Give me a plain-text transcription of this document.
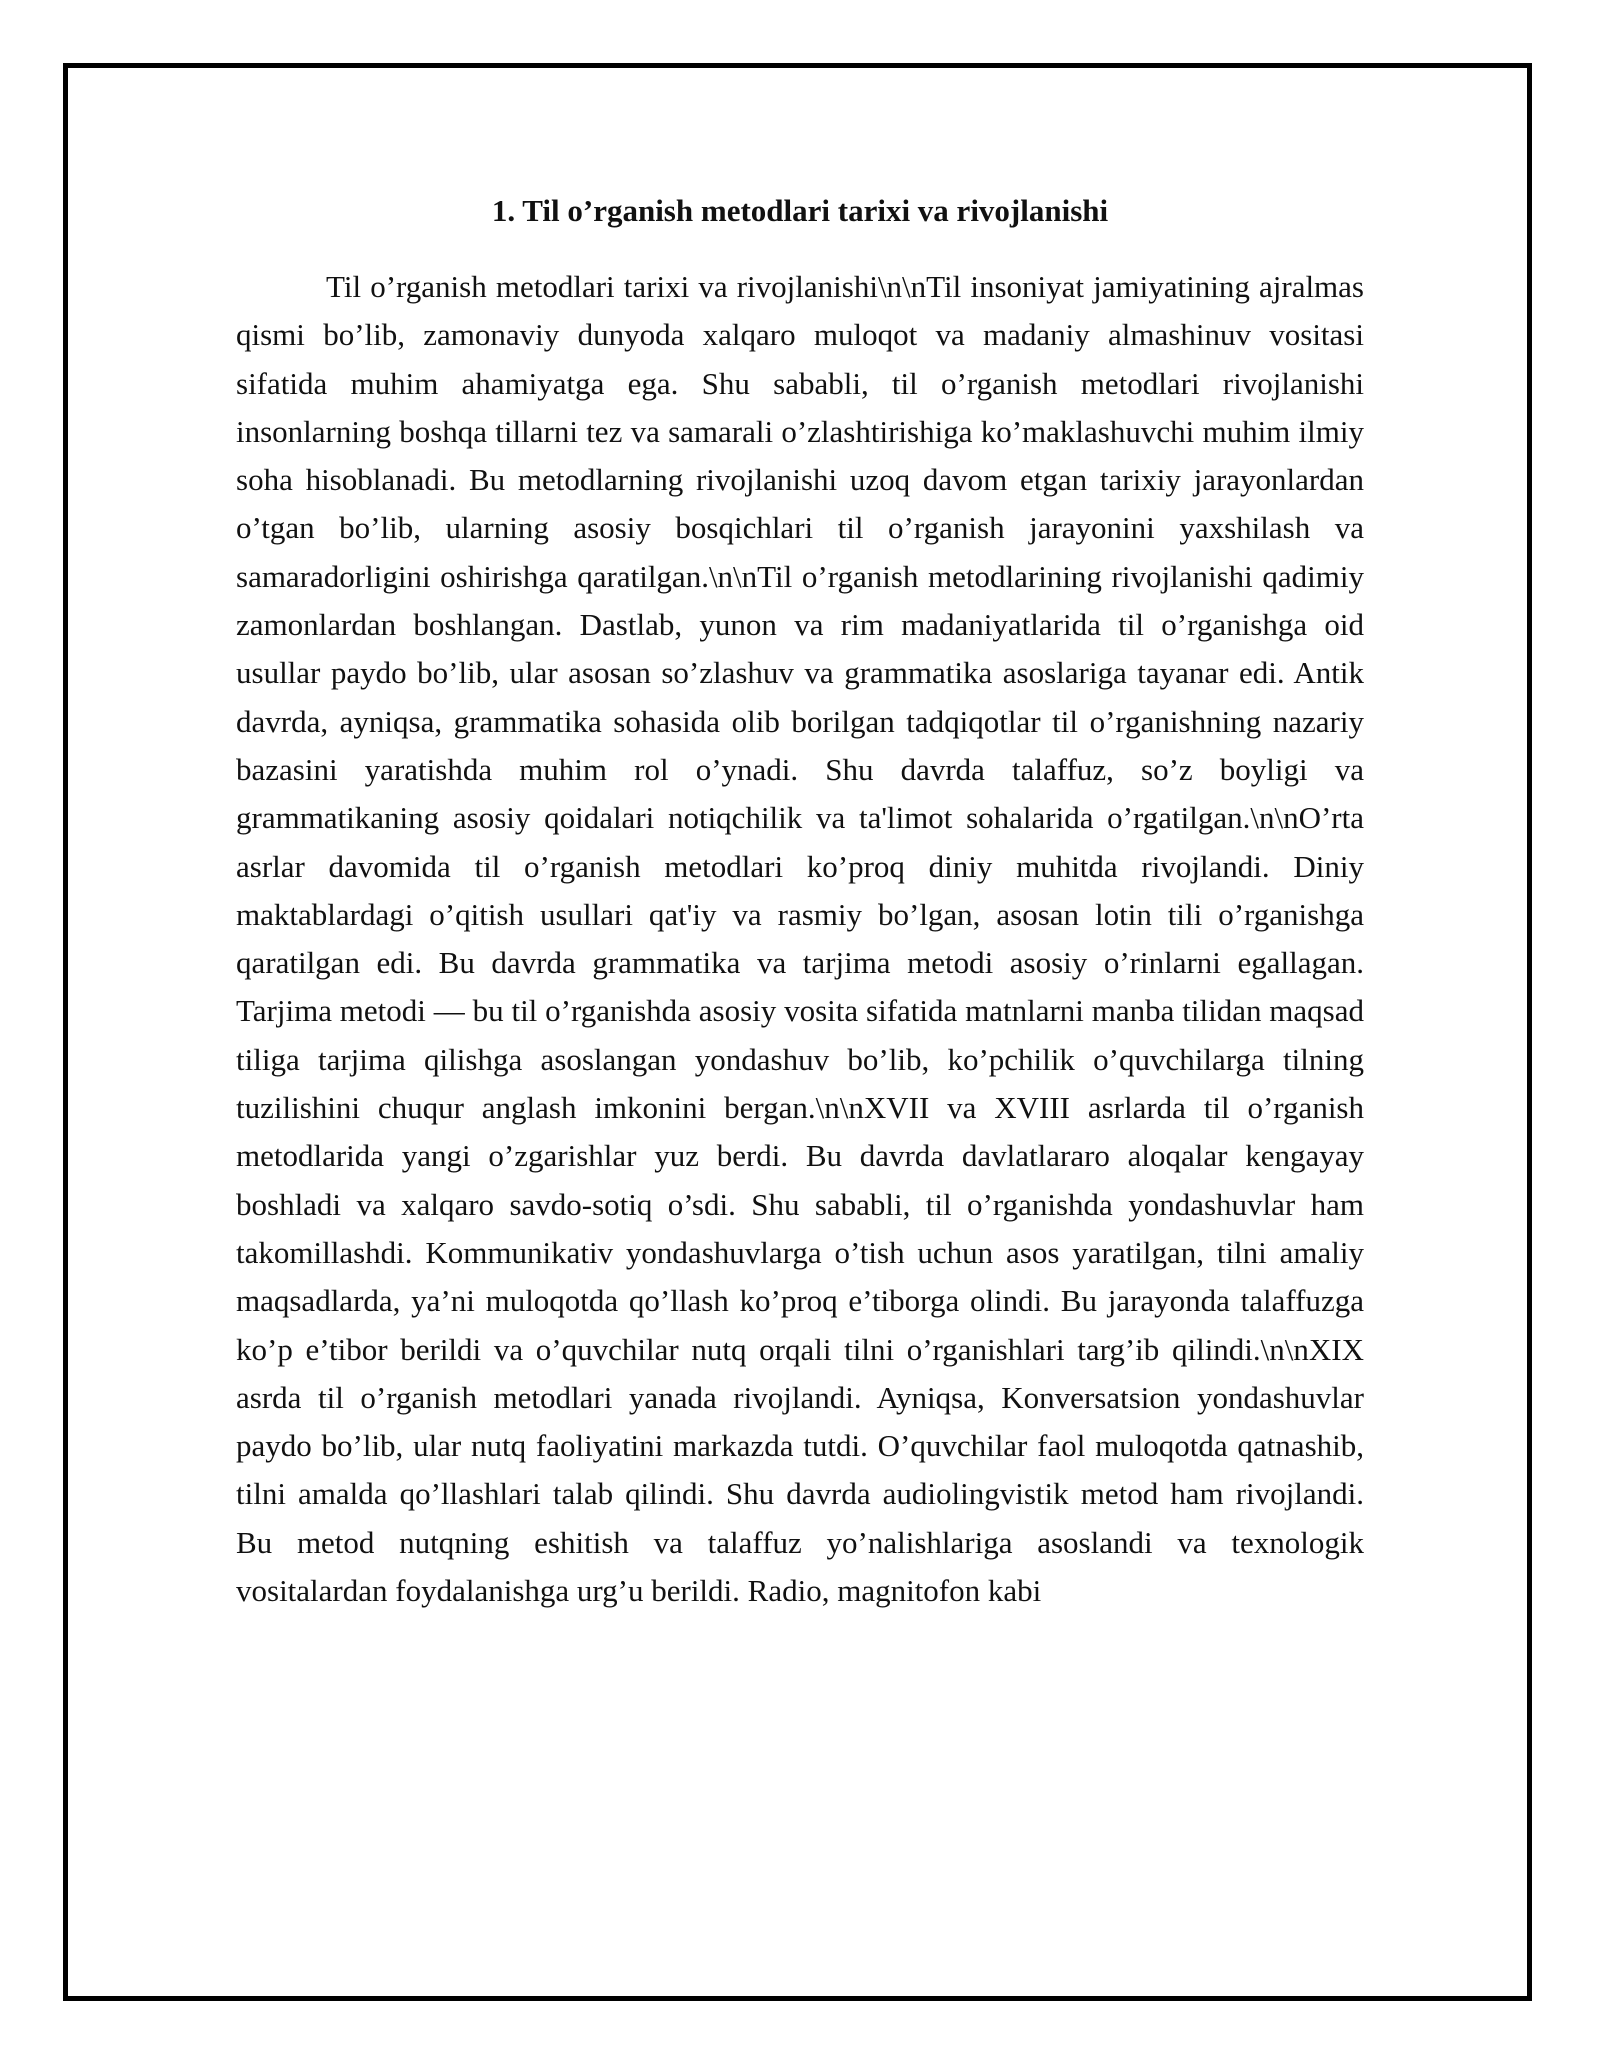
1. Til o’rganish metodlari tarixi va rivojlanishi

Til o’rganish metodlari tarixi va rivojlanishi\n\nTil insoniyat jamiyatining ajralmas qismi bo’lib, zamonaviy dunyoda xalqaro muloqot va madaniy almashinuv vositasi sifatida muhim ahamiyatga ega. Shu sababli, til o’rganish metodlari rivojlanishi insonlarning boshqa tillarni tez va samarali o’zlashtirishiga ko’maklashuvchi muhim ilmiy soha hisoblanadi. Bu metodlarning rivojlanishi uzoq davom etgan tarixiy jarayonlardan o’tgan bo’lib, ularning asosiy bosqichlari til o’rganish jarayonini yaxshilash va samaradorligini oshirishga qaratilgan.\n\nTil o’rganish metodlarining rivojlanishi qadimiy zamonlardan boshlangan. Dastlab, yunon va rim madaniyatlarida til o’rganishga oid usullar paydo bo’lib, ular asosan so’zlashuv va grammatika asoslariga tayanar edi. Antik davrda, ayniqsa, grammatika sohasida olib borilgan tadqiqotlar til o’rganishning nazariy bazasini yaratishda muhim rol o’ynadi. Shu davrda talaffuz, so’z boyligi va grammatikaning asosiy qoidalari notiqchilik va ta'limot sohalarida o’rgatilgan.\n\nO’rta asrlar davomida til o’rganish metodlari ko’proq diniy muhitda rivojlandi. Diniy maktablardagi o’qitish usullari qat'iy va rasmiy bo’lgan, asosan lotin tili o’rganishga qaratilgan edi. Bu davrda grammatika va tarjima metodi asosiy o’rinlarni egallagan. Tarjima metodi — bu til o’rganishda asosiy vosita sifatida matnlarni manba tilidan maqsad tiliga tarjima qilishga asoslangan yondashuv bo’lib, ko’pchilik o’quvchilarga tilning tuzilishini chuqur anglash imkonini bergan.\n\nXVII va XVIII asrlarda til o’rganish metodlarida yangi o’zgarishlar yuz berdi. Bu davrda davlatlararo aloqalar kengayay boshladi va xalqaro savdo-sotiq o’sdi. Shu sababli, til o’rganishda yondashuvlar ham takomillashdi. Kommunikativ yondashuvlarga o’tish uchun asos yaratilgan, tilni amaliy maqsadlarda, ya’ni muloqotda qo’llash ko’proq e’tiborga olindi. Bu jarayonda talaffuzga ko’p e’tibor berildi va o’quvchilar nutq orqali tilni o’rganishlari targ’ib qilindi.\n\nXIX asrda til o’rganish metodlari yanada rivojlandi. Ayniqsa, Konversatsion yondashuvlar paydo bo’lib, ular nutq faoliyatini markazda tutdi. O’quvchilar faol muloqotda qatnashib, tilni amalda qo’llashlari talab qilindi. Shu davrda audiolingvistik metod ham rivojlandi. Bu metod nutqning eshitish va talaffuz yo’nalishlariga asoslandi va texnologik vositalardan foydalanishga urg’u berildi. Radio, magnitofon kabi
